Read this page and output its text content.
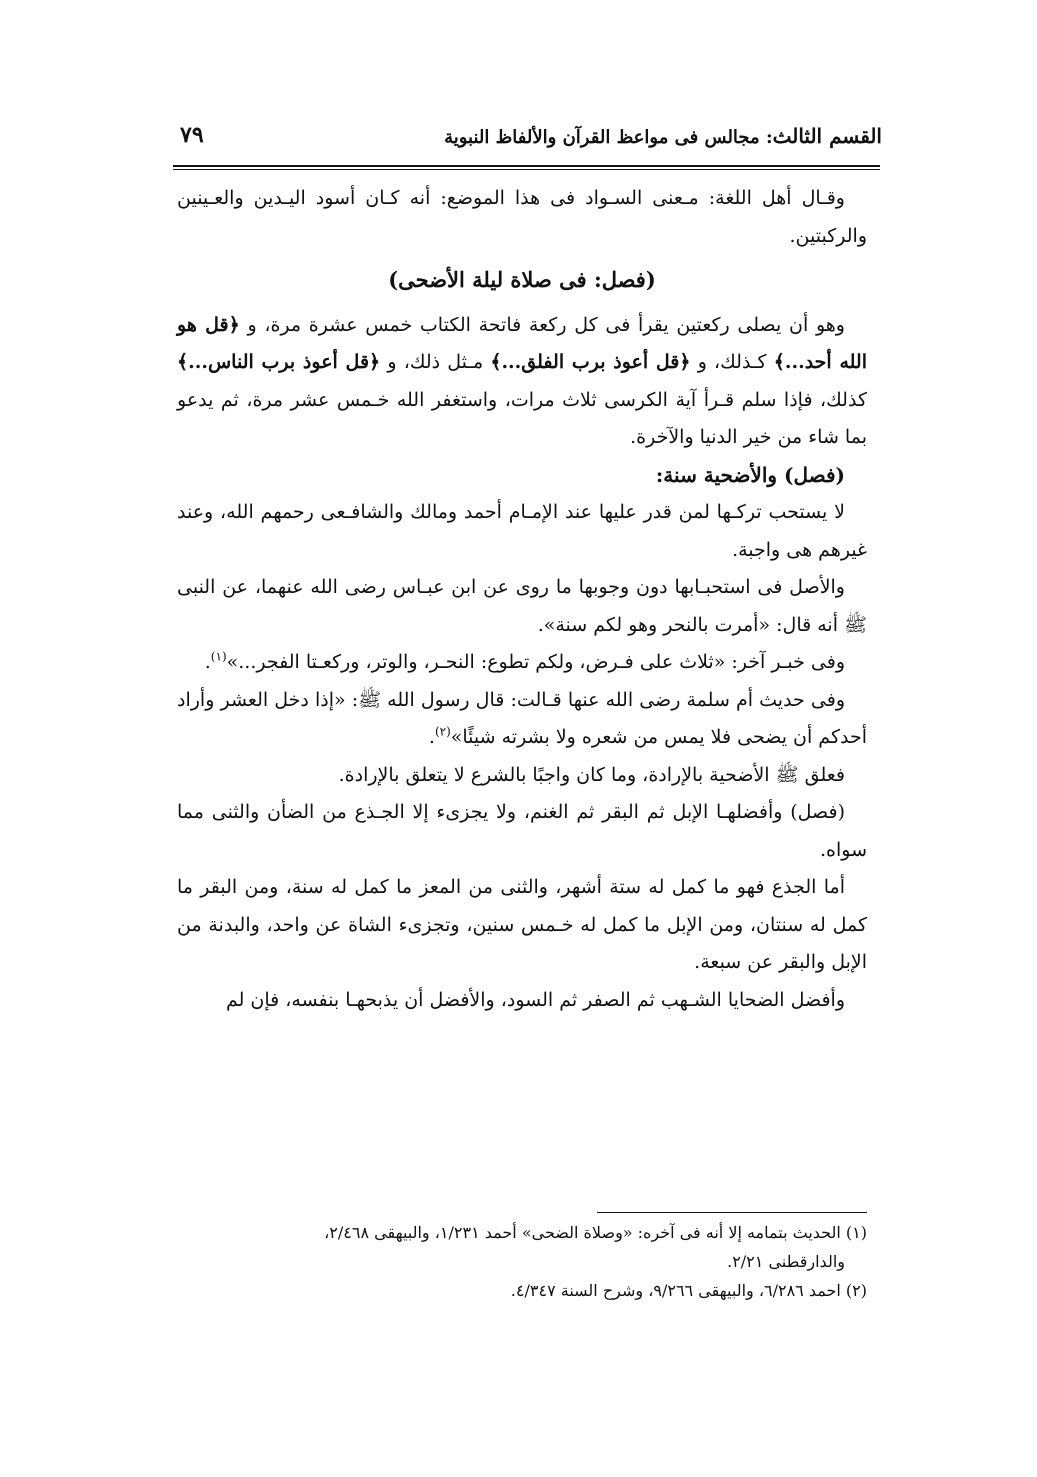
القسم الثالث: مجالس فى مواعظ القرآن والألفاظ النبوية
٧٩

وقـال أهل اللغة: مـعنى السـواد فى هذا الموضع: أنه كـان أسود اليـدين والعـينين والركبتين.

(فصل: فى صلاة ليلة الأضحى)

وهو أن يصلى ركعتين يقرأ فى كل ركعة فاتحة الكتاب خمس عشرة مرة، و ﴿قل هو الله أحد...﴾ كـذلك، و ﴿قل أعوذ برب الفلق...﴾ مـثل ذلك، و ﴿قل أعوذ برب الناس...﴾ كذلك، فإذا سلم قـرأ آية الكرسى ثلاث مرات، واستغفر الله خـمس عشر مرة، ثم يدعو بما شاء من خير الدنيا والآخرة.

(فصل) والأضحية سنة:

لا يستحب تركـها لمن قدر عليها عند الإمـام أحمد ومالك والشافـعى رحمهم الله، وعند غيرهم هى واجبة.

والأصل فى استحبـابها دون وجوبها ما روى عن ابن عبـاس رضى الله عنهما، عن النبى ﷺ أنه قال: «أمرت بالنحر وهو لكم سنة».

وفى خبـر آخر: «ثلاث على فـرض، ولكم تطوع: النحـر، والوتر، وركعـتا الفجر...»$^{(١)}$.

وفى حديث أم سلمة رضى الله عنها قـالت: قال رسول الله ﷺ: «إذا دخل العشر وأراد أحدكم أن يضحى فلا يمس من شعره ولا بشرته شيئًا»$^{(٢)}$.

فعلق ﷺ الأضحية بالإرادة، وما كان واجبًا بالشرع لا يتعلق بالإرادة.

(فصل) وأفضلهـا الإبل ثم البقر ثم الغنم، ولا يجزىء إلا الجـذع من الضأن والثنى مما سواه.

أما الجذع فهو ما كمل له ستة أشهر، والثنى من المعز ما كمل له سنة، ومن البقر ما كمل له سنتان، ومن الإبل ما كمل له خـمس سنين، وتجزىء الشاة عن واحد، والبدنة من الإبل والبقر عن سبعة.

وأفضل الضحايا الشـهب ثم الصفر ثم السود، والأفضل أن يذبحهـا بنفسه، فإن لم

(١) الحديث بتمامه إلا أنه فى آخره: «وصلاة الضحى» أحمد ١/٢٣١، والبيهقى ٢/٤٦٨،

والدارقطنى ٢/٢١.

(٢) احمد ٦/٢٨٦، والبيهقى ٩/٢٦٦، وشرح السنة ٤/٣٤٧.
